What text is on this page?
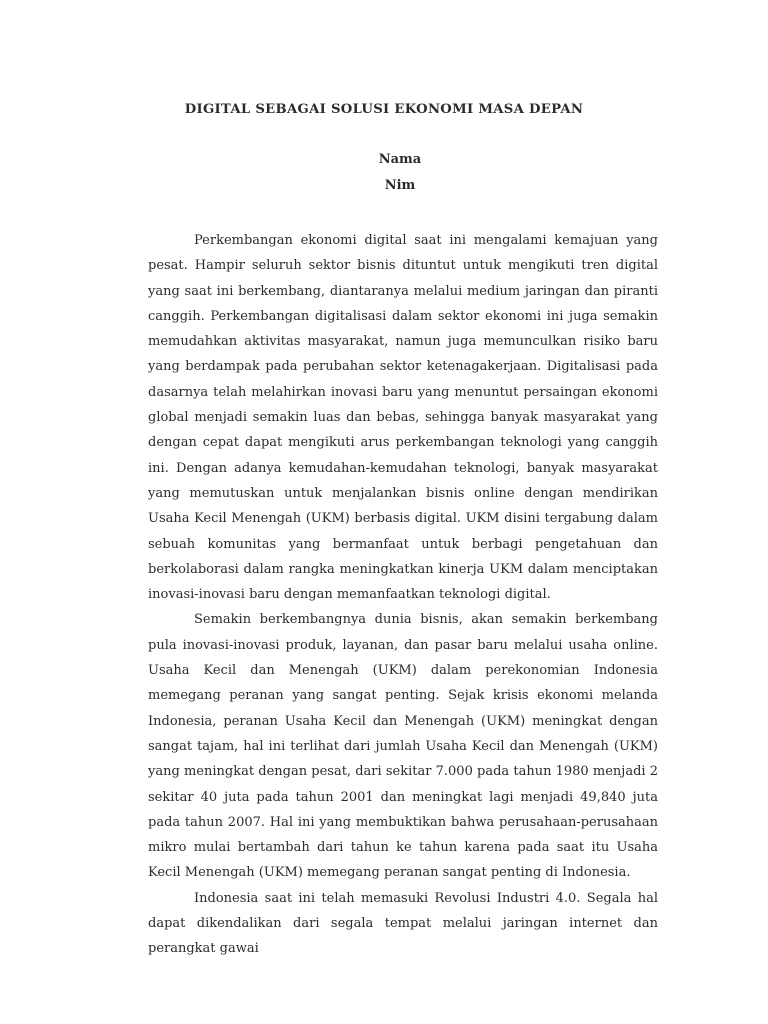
DIGITAL SEBAGAI SOLUSI EKONOMI MASA DEPAN
Nama
Nim

Perkembangan ekonomi digital saat ini mengalami kemajuan yang pesat. Hampir seluruh sektor bisnis dituntut untuk mengikuti tren digital yang saat ini berkembang, diantaranya melalui medium jaringan dan piranti canggih. Perkembangan digitalisasi dalam sektor ekonomi ini juga semakin memudahkan aktivitas masyarakat, namun juga memunculkan risiko baru yang berdampak pada perubahan sektor ketenagakerjaan. Digitalisasi pada dasarnya telah melahirkan inovasi baru yang menuntut persaingan ekonomi global menjadi semakin luas dan bebas, sehingga banyak masyarakat yang dengan cepat dapat mengikuti arus perkembangan teknologi yang canggih ini. Dengan adanya kemudahan-kemudahan teknologi, banyak masyarakat yang memutuskan untuk menjalankan bisnis online dengan mendirikan Usaha Kecil Menengah (UKM) berbasis digital. UKM disini tergabung dalam sebuah komunitas yang bermanfaat untuk berbagi pengetahuan dan berkolaborasi dalam rangka meningkatkan kinerja UKM dalam menciptakan inovasi-inovasi baru dengan memanfaatkan teknologi digital.

Semakin berkembangnya dunia bisnis, akan semakin berkembang pula inovasi-inovasi produk, layanan, dan pasar baru melalui usaha online. Usaha Kecil dan Menengah (UKM) dalam perekonomian Indonesia memegang peranan yang sangat penting. Sejak krisis ekonomi melanda Indonesia, peranan Usaha Kecil dan Menengah (UKM) meningkat dengan sangat tajam, hal ini terlihat dari jumlah Usaha Kecil dan Menengah (UKM) yang meningkat dengan pesat, dari sekitar 7.000 pada tahun 1980 menjadi 2 sekitar 40 juta pada tahun 2001 dan meningkat lagi menjadi 49,840 juta pada tahun 2007. Hal ini yang membuktikan bahwa perusahaan-perusahaan mikro mulai bertambah dari tahun ke tahun karena pada saat itu Usaha Kecil Menengah (UKM) memegang peranan sangat penting di Indonesia.

Indonesia saat ini telah memasuki Revolusi Industri 4.0. Segala hal dapat dikendalikan dari segala tempat melalui jaringan internet dan perangkat gawai
